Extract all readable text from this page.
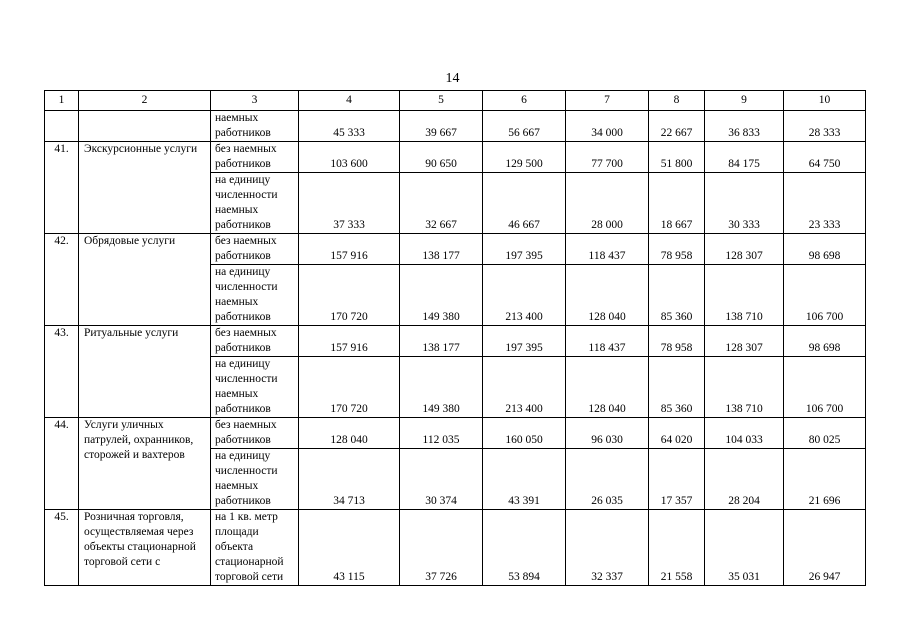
14
1	2	3	4	5	6	7	8	9	10
		наемных
работников	45 333	39 667	56 667	34 000	22 667	36 833	28 333
41.	Экскурсионные услуги	без наемных работников	103 600	90 650	129 500	77 700	51 800	84 175	64 750
		на единицу численности наемных работников	37 333	32 667	46 667	28 000	18 667	30 333	23 333
42.	Обрядовые услуги	без наемных работников	157 916	138 177	197 395	118 437	78 958	128 307	98 698
		на единицу численности наемных работников	170 720	149 380	213 400	128 040	85 360	138 710	106 700
43.	Ритуальные услуги	без наемных работников	157 916	138 177	197 395	118 437	78 958	128 307	98 698
		на единицу численности наемных работников	170 720	149 380	213 400	128 040	85 360	138 710	106 700
44.	Услуги уличных патрулей, охранников, сторожей и вахтеров	без наемных работников	128 040	112 035	160 050	96 030	64 020	104 033	80 025
		на единицу численности наемных работников	34 713	30 374	43 391	26 035	17 357	28 204	21 696
45.	Розничная торговля, осуществляемая через объекты стационарной торговой сети с	на 1 кв. метр площади объекта стационарной торговой сети	43 115	37 726	53 894	32 337	21 558	35 031	26 947
